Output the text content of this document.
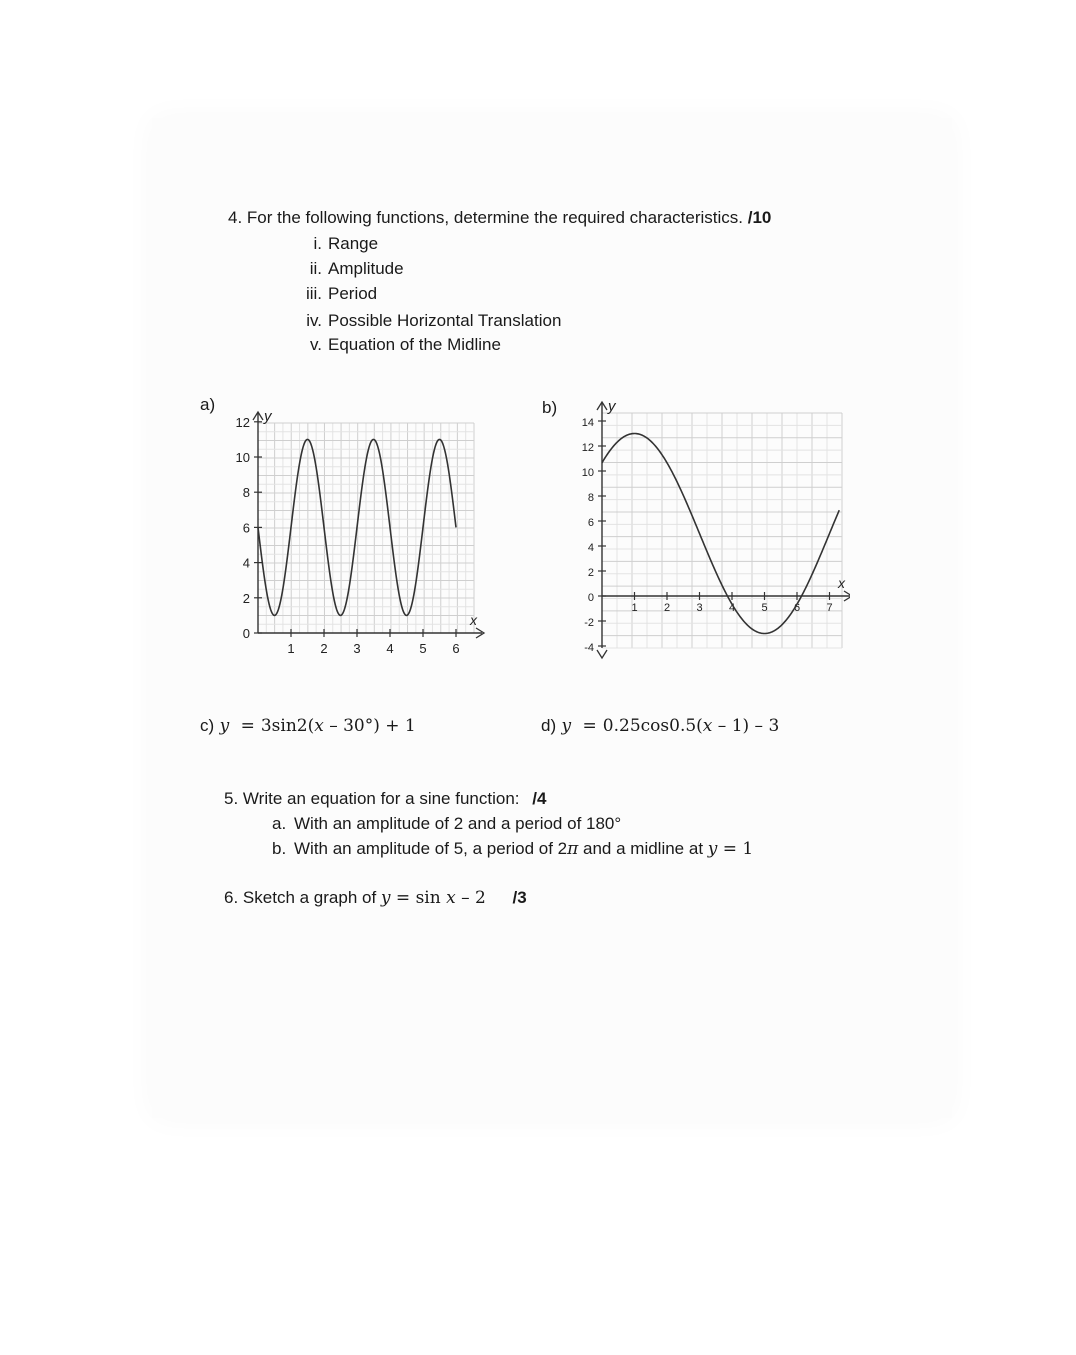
4. For the following functions, determine the required characteristics. /10
i. Range
ii. Amplitude
iii. Period
iv. Possible Horizontal Translation
v. Equation of the Midline
a)	b)
0
2
4
6
8
10
12
1 2 3 4 5 6
y
x
-4
-2
0
2
4
6
8
10
12
14
1 2 3 4 5 6 7
y
x
c) y = 3sin2(x – 30°) + 1	d) y = 0.25cos0.5(x – 1) – 3
5. Write an equation for a sine function: /4
a. With an amplitude of 2 and a period of 180°
b. With an amplitude of 5, a period of 2π and a midline at y = 1
6. Sketch a graph of y = sin x – 2 /3
